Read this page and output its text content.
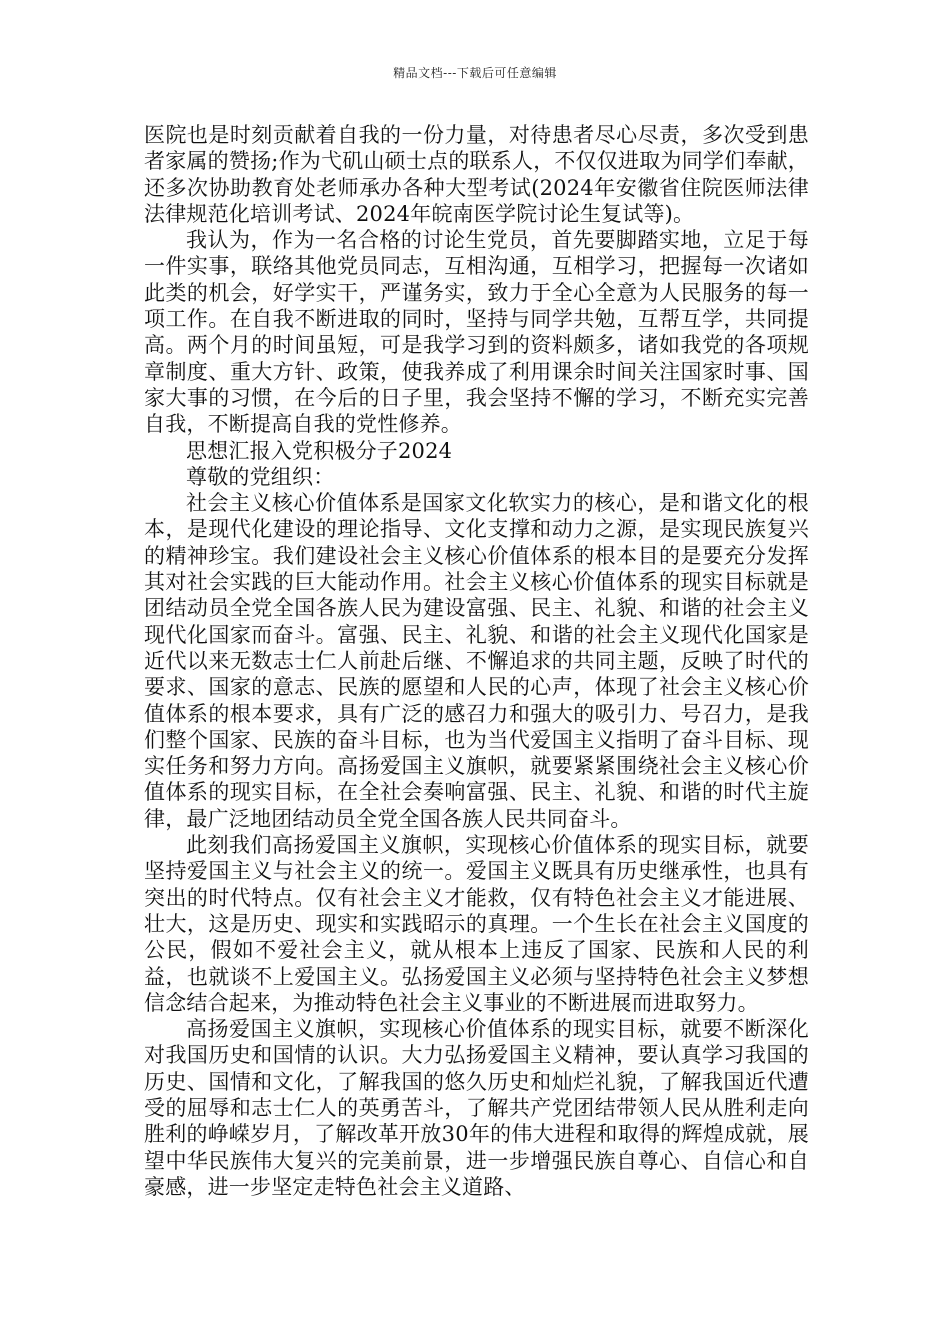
精品文档---下载后可任意编辑

医院也是时刻贡献着自我的一份力量，对待患者尽心尽责，多次受到患者家属的赞扬;作为弋矶山硕士点的联系人，不仅仅进取为同学们奉献，还多次协助教育处老师承办各种大型考试(2024年安徽省住院医师法律法律规范化培训考试、2024年皖南医学院讨论生复试等)。

我认为，作为一名合格的讨论生党员，首先要脚踏实地，立足于每一件实事，联络其他党员同志，互相沟通，互相学习，把握每一次诸如此类的机会，好学实干，严谨务实，致力于全心全意为人民服务的每一项工作。在自我不断进取的同时，坚持与同学共勉，互帮互学，共同提高。两个月的时间虽短，可是我学习到的资料颇多，诸如我党的各项规章制度、重大方针、政策，使我养成了利用课余时间关注国家时事、国家大事的习惯，在今后的日子里，我会坚持不懈的学习，不断充实完善自我，不断提高自我的党性修养。

思想汇报入党积极分子2024

尊敬的党组织：

社会主义核心价值体系是国家文化软实力的核心，是和谐文化的根本，是现代化建设的理论指导、文化支撑和动力之源，是实现民族复兴的精神珍宝。我们建设社会主义核心价值体系的根本目的是要充分发挥其对社会实践的巨大能动作用。社会主义核心价值体系的现实目标就是团结动员全党全国各族人民为建设富强、民主、礼貌、和谐的社会主义现代化国家而奋斗。富强、民主、礼貌、和谐的社会主义现代化国家是近代以来无数志士仁人前赴后继、不懈追求的共同主题，反映了时代的要求、国家的意志、民族的愿望和人民的心声，体现了社会主义核心价值体系的根本要求，具有广泛的感召力和强大的吸引力、号召力，是我们整个国家、民族的奋斗目标，也为当代爱国主义指明了奋斗目标、现实任务和努力方向。高扬爱国主义旗帜，就要紧紧围绕社会主义核心价值体系的现实目标，在全社会奏响富强、民主、礼貌、和谐的时代主旋律，最广泛地团结动员全党全国各族人民共同奋斗。

此刻我们高扬爱国主义旗帜，实现核心价值体系的现实目标，就要坚持爱国主义与社会主义的统一。爱国主义既具有历史继承性，也具有突出的时代特点。仅有社会主义才能救，仅有特色社会主义才能进展、壮大，这是历史、现实和实践昭示的真理。一个生长在社会主义国度的公民，假如不爱社会主义，就从根本上违反了国家、民族和人民的利益，也就谈不上爱国主义。弘扬爱国主义必须与坚持特色社会主义梦想信念结合起来，为推动特色社会主义事业的不断进展而进取努力。

高扬爱国主义旗帜，实现核心价值体系的现实目标，就要不断深化对我国历史和国情的认识。大力弘扬爱国主义精神，要认真学习我国的历史、国情和文化，了解我国的悠久历史和灿烂礼貌，了解我国近代遭受的屈辱和志士仁人的英勇苦斗，了解共产党团结带领人民从胜利走向胜利的峥嵘岁月，了解改革开放30年的伟大进程和取得的辉煌成就，展望中华民族伟大复兴的完美前景，进一步增强民族自尊心、自信心和自豪感，进一步坚定走特色社会主义道路、
